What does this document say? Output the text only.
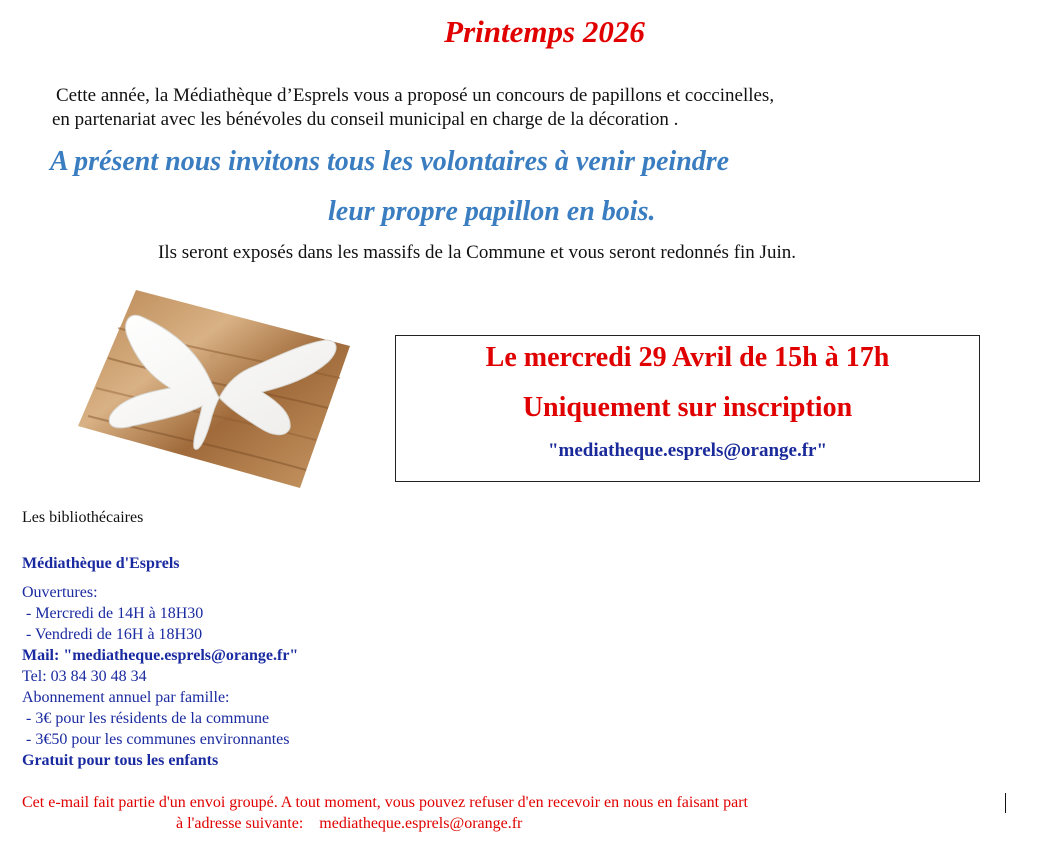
Printemps 2026
Cette année, la Médiathèque d’Esprels vous a proposé un concours de papillons et coccinelles,
en partenariat avec les bénévoles du conseil municipal en charge de la décoration .
A présent nous invitons tous les volontaires à venir peindre
leur propre papillon en bois.
Ils seront exposés dans les massifs de la Commune et vous seront redonnés fin Juin.
Le mercredi 29 Avril de 15h à 17h
Uniquement sur inscription
"mediatheque.esprels@orange.fr"
Les bibliothécaires
Médiathèque d'Esprels
Ouvertures:
- Mercredi de 14H à 18H30
- Vendredi de 16H à 18H30
Mail: "mediatheque.esprels@orange.fr"
Tel: 03 84 30 48 34
Abonnement annuel par famille:
- 3€ pour les résidents de la commune
- 3€50 pour les communes environnantes
Gratuit pour tous les enfants
Cet e-mail fait partie d'un envoi groupé. A tout moment, vous pouvez refuser d'en recevoir en nous en faisant part
à l'adresse suivante:    mediatheque.esprels@orange.fr
